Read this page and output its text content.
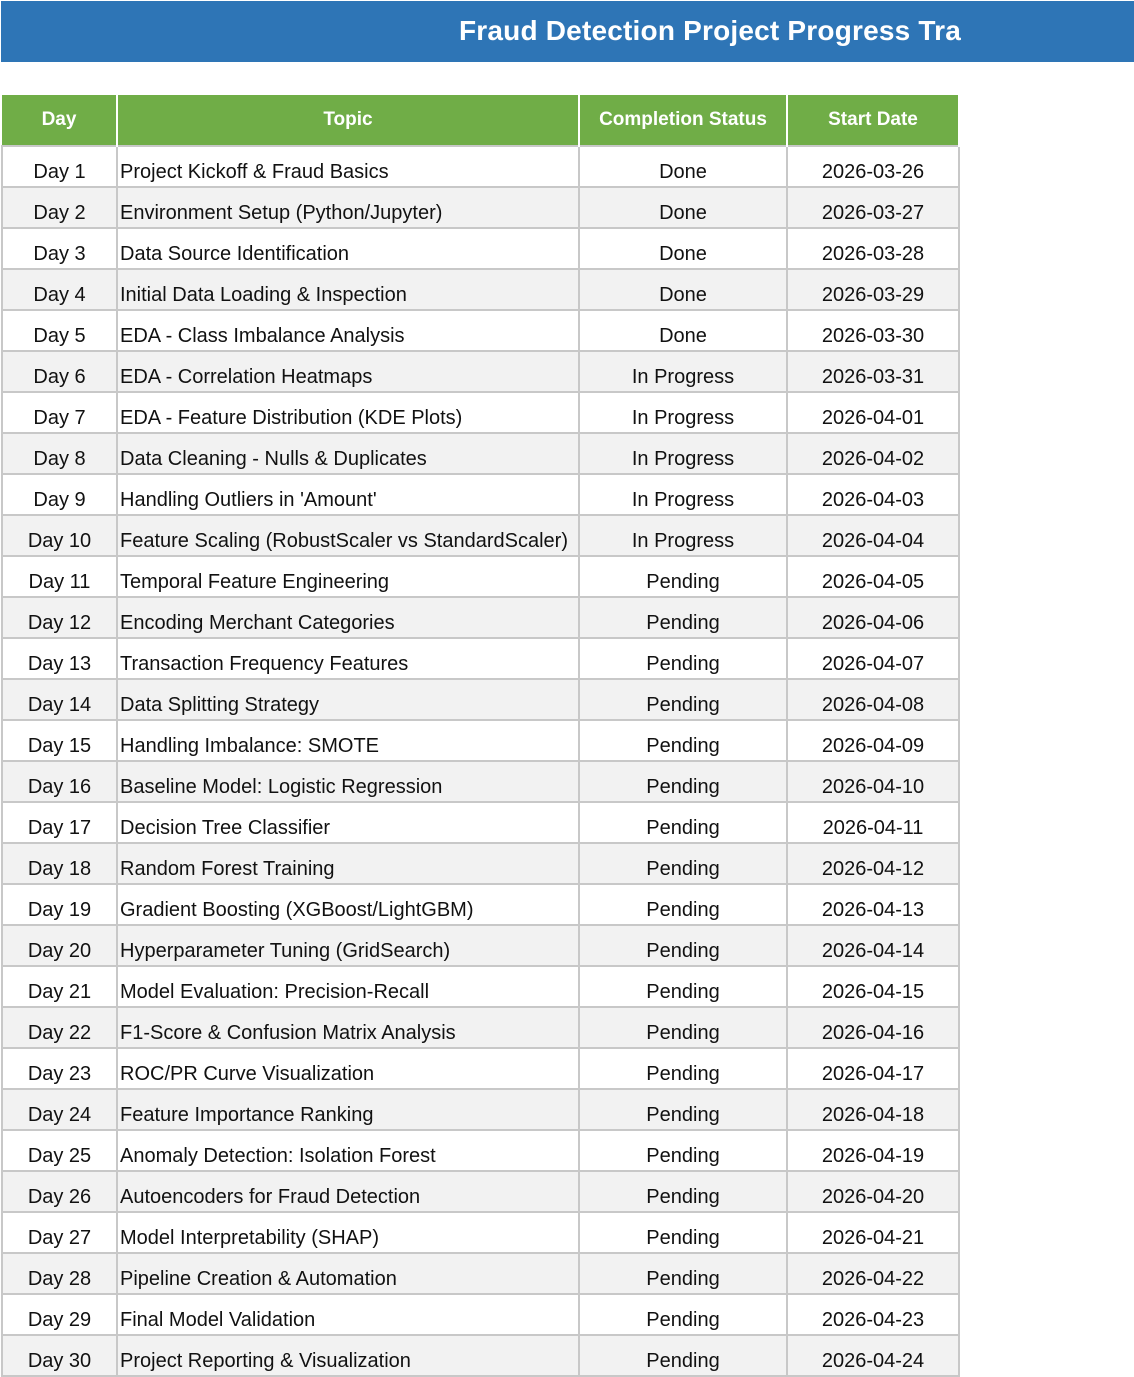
Fraud Detection Project Progress Tra
Day	Topic	Completion Status	Start Date
Day 1	Project Kickoff & Fraud Basics	Done	2026-03-26
Day 2	Environment Setup (Python/Jupyter)	Done	2026-03-27
Day 3	Data Source Identification	Done	2026-03-28
Day 4	Initial Data Loading & Inspection	Done	2026-03-29
Day 5	EDA - Class Imbalance Analysis	Done	2026-03-30
Day 6	EDA - Correlation Heatmaps	In Progress	2026-03-31
Day 7	EDA - Feature Distribution (KDE Plots)	In Progress	2026-04-01
Day 8	Data Cleaning - Nulls & Duplicates	In Progress	2026-04-02
Day 9	Handling Outliers in 'Amount'	In Progress	2026-04-03
Day 10	Feature Scaling (RobustScaler vs StandardScaler)	In Progress	2026-04-04
Day 11	Temporal Feature Engineering	Pending	2026-04-05
Day 12	Encoding Merchant Categories	Pending	2026-04-06
Day 13	Transaction Frequency Features	Pending	2026-04-07
Day 14	Data Splitting Strategy	Pending	2026-04-08
Day 15	Handling Imbalance: SMOTE	Pending	2026-04-09
Day 16	Baseline Model: Logistic Regression	Pending	2026-04-10
Day 17	Decision Tree Classifier	Pending	2026-04-11
Day 18	Random Forest Training	Pending	2026-04-12
Day 19	Gradient Boosting (XGBoost/LightGBM)	Pending	2026-04-13
Day 20	Hyperparameter Tuning (GridSearch)	Pending	2026-04-14
Day 21	Model Evaluation: Precision-Recall	Pending	2026-04-15
Day 22	F1-Score & Confusion Matrix Analysis	Pending	2026-04-16
Day 23	ROC/PR Curve Visualization	Pending	2026-04-17
Day 24	Feature Importance Ranking	Pending	2026-04-18
Day 25	Anomaly Detection: Isolation Forest	Pending	2026-04-19
Day 26	Autoencoders for Fraud Detection	Pending	2026-04-20
Day 27	Model Interpretability (SHAP)	Pending	2026-04-21
Day 28	Pipeline Creation & Automation	Pending	2026-04-22
Day 29	Final Model Validation	Pending	2026-04-23
Day 30	Project Reporting & Visualization	Pending	2026-04-24
